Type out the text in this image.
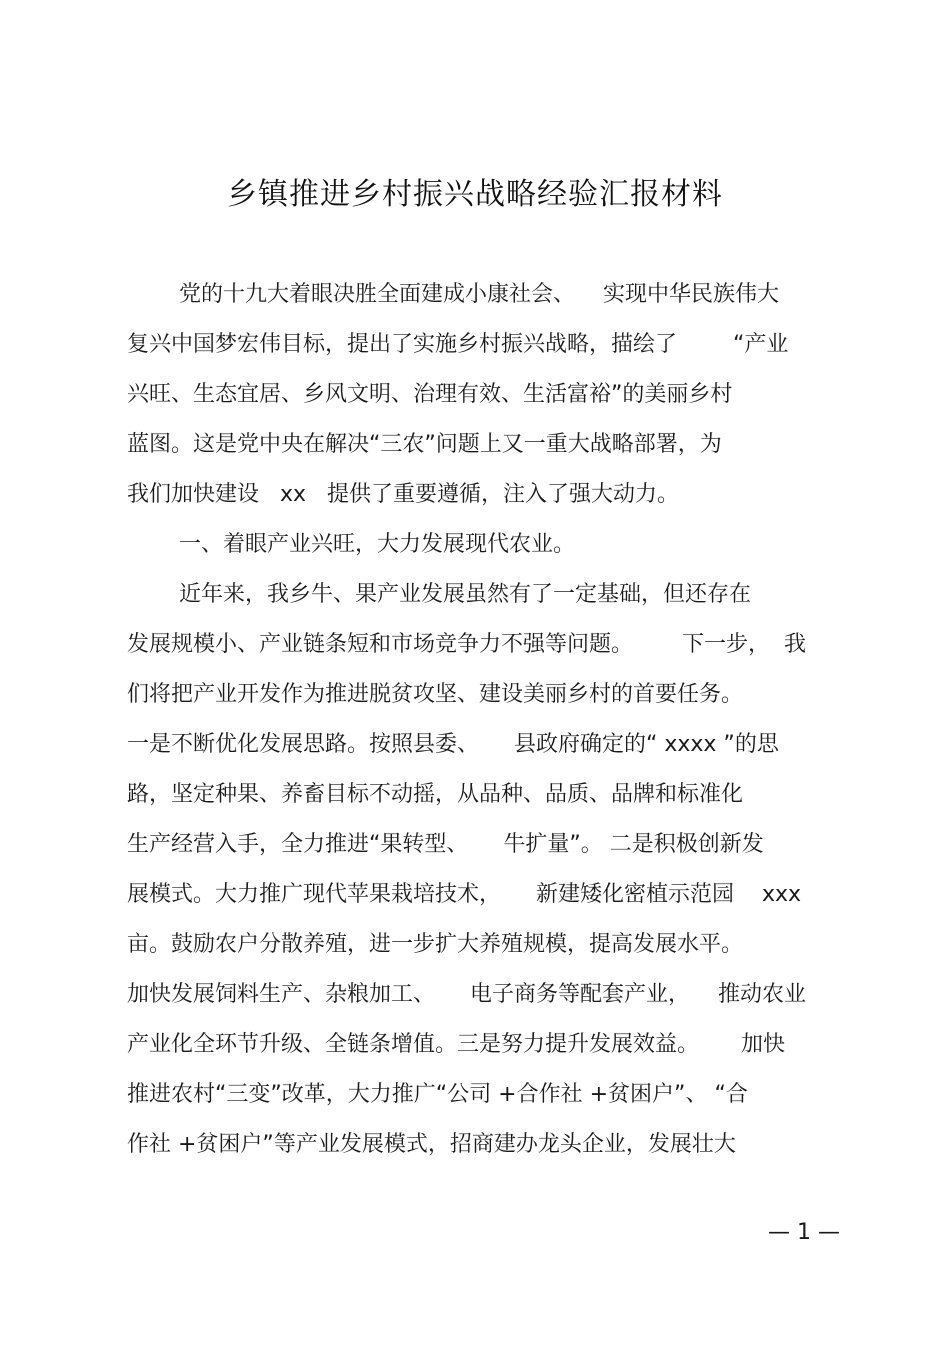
乡镇推进乡村振兴战略经验汇报材料
党的十九大着眼决胜全面建成小康社会、    实现中华民族伟大
复兴中国梦宏伟目标，提出了实施乡村振兴战略，描绘了        “产业
兴旺、生态宜居、乡风文明、治理有效、生活富裕”的美丽乡村
蓝图。这是党中央在解决“三农”问题上又一重大战略部署，为
我们加快建设   xx   提供了重要遵循，注入了强大动力。
一、着眼产业兴旺，大力发展现代农业。
近年来，我乡牛、果产业发展虽然有了一定基础，但还存在
发展规模小、产业链条短和市场竞争力不强等问题。       下一步，  我
们将把产业开发作为推进脱贫攻坚、建设美丽乡村的首要任务。
一是不断优化发展思路。按照县委、     县政府确定的“ xxxx ”的思
路，坚定种果、养畜目标不动摇，从品种、品质、品牌和标准化
生产经营入手，全力推进“果转型、     牛扩量”。 二是积极创新发
展模式。大力推广现代苹果栽培技术，     新建矮化密植示范园    xxx
亩。鼓励农户分散养殖，进一步扩大养殖规模，提高发展水平。
加快发展饲料生产、杂粮加工、     电子商务等配套产业，    推动农业
产业化全环节升级、全链条增值。三是努力提升发展效益。      加快
推进农村“三变”改革，大力推广“公司 +合作社 +贫困户”、 “合
作社 +贫困户”等产业发展模式，招商建办龙头企业，发展壮大
— 1 —
